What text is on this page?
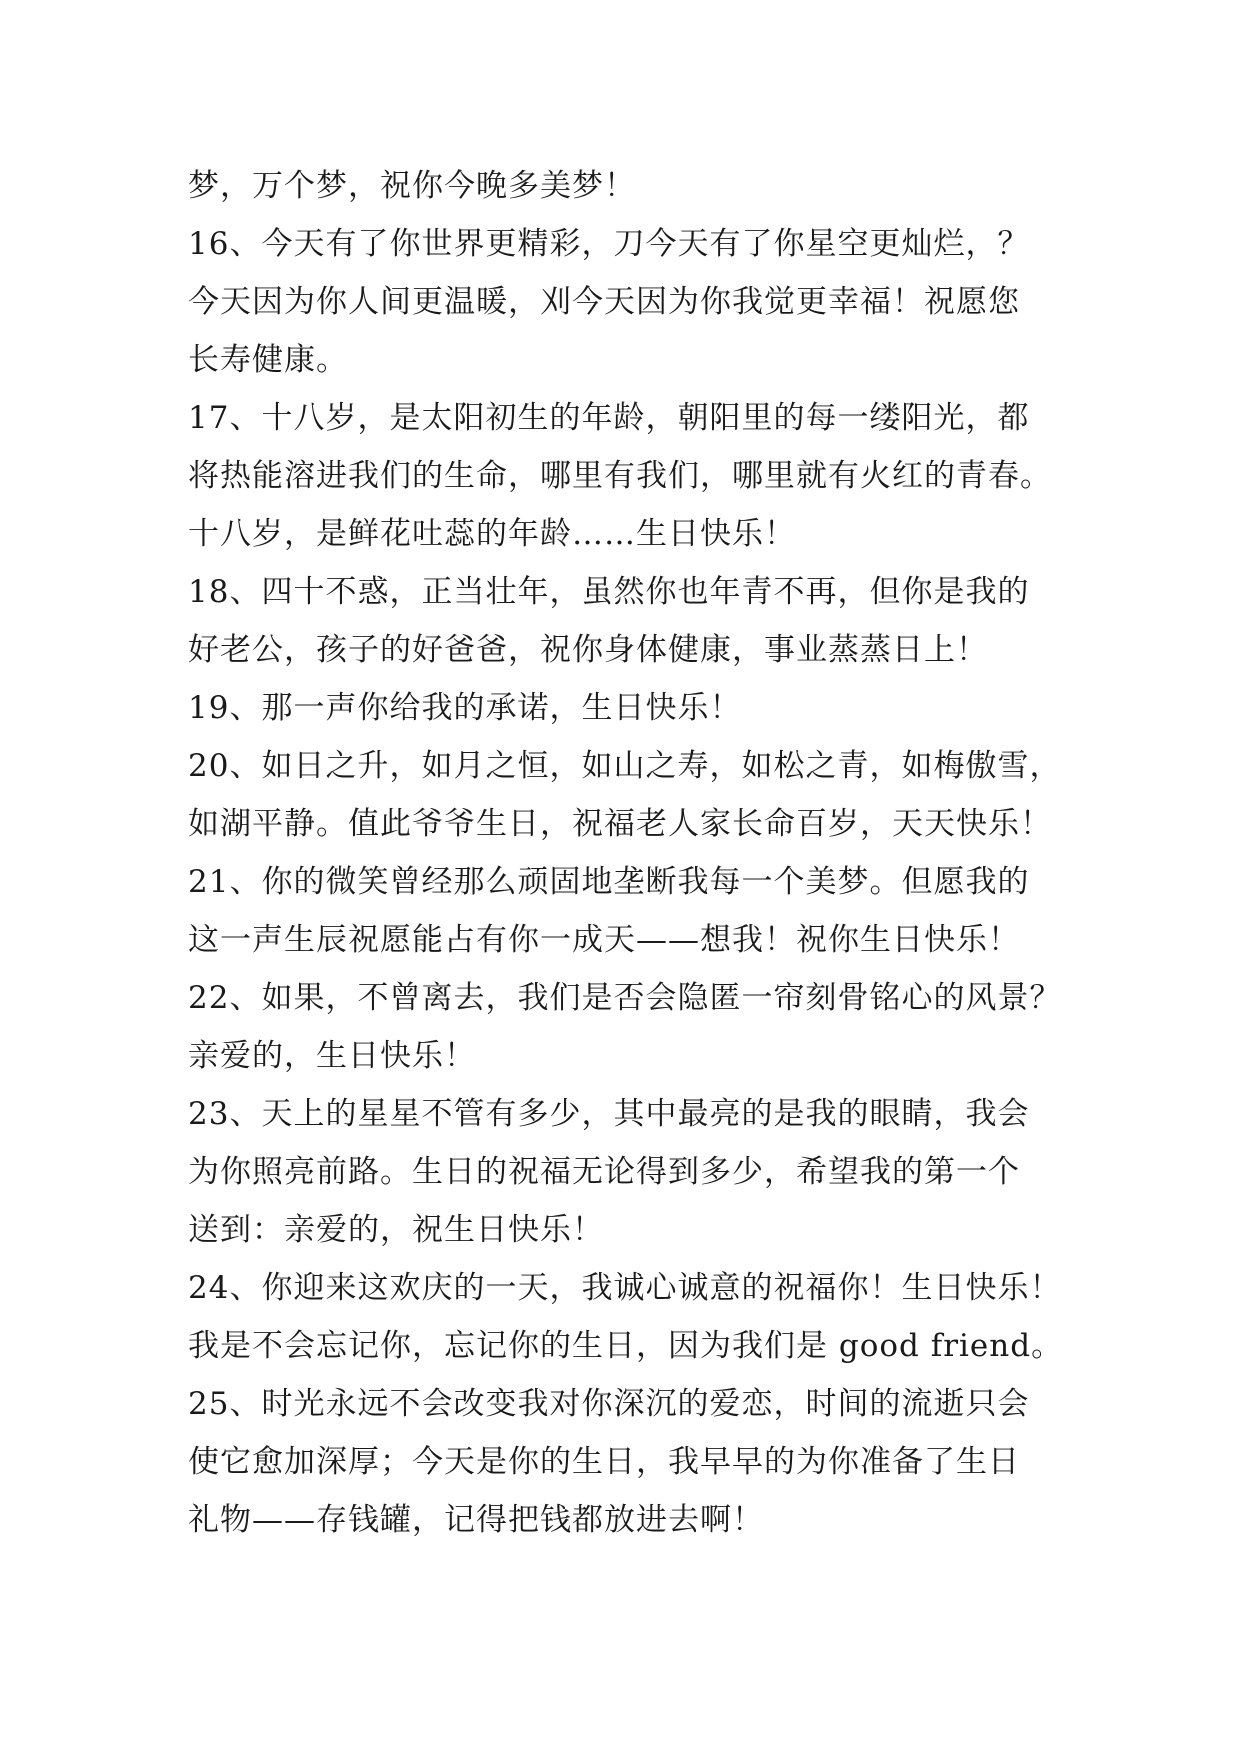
梦，万个梦，祝你今晚多美梦！
16、今天有了你世界更精彩，刀今天有了你星空更灿烂，？
今天因为你人间更温暖，刈今天因为你我觉更幸福！祝愿您
长寿健康。
17、十八岁，是太阳初生的年龄，朝阳里的每一缕阳光，都
将热能溶进我们的生命，哪里有我们，哪里就有火红的青春。
十八岁，是鲜花吐蕊的年龄……生日快乐！
18、四十不惑，正当壮年，虽然你也年青不再，但你是我的
好老公，孩子的好爸爸，祝你身体健康，事业蒸蒸日上！
19、那一声你给我的承诺，生日快乐！
20、如日之升，如月之恒，如山之寿，如松之青，如梅傲雪，
如湖平静。值此爷爷生日，祝福老人家长命百岁，天天快乐！
21、你的微笑曾经那么顽固地垄断我每一个美梦。但愿我的
这一声生辰祝愿能占有你一成天——想我！祝你生日快乐！
22、如果，不曾离去，我们是否会隐匿一帘刻骨铭心的风景？
亲爱的，生日快乐！
23、天上的星星不管有多少，其中最亮的是我的眼睛，我会
为你照亮前路。生日的祝福无论得到多少，希望我的第一个
送到：亲爱的，祝生日快乐！
24、你迎来这欢庆的一天，我诚心诚意的祝福你！生日快乐！
我是不会忘记你，忘记你的生日，因为我们是 good friend。
25、时光永远不会改变我对你深沉的爱恋，时间的流逝只会
使它愈加深厚；今天是你的生日，我早早的为你准备了生日
礼物——存钱罐，记得把钱都放进去啊！
